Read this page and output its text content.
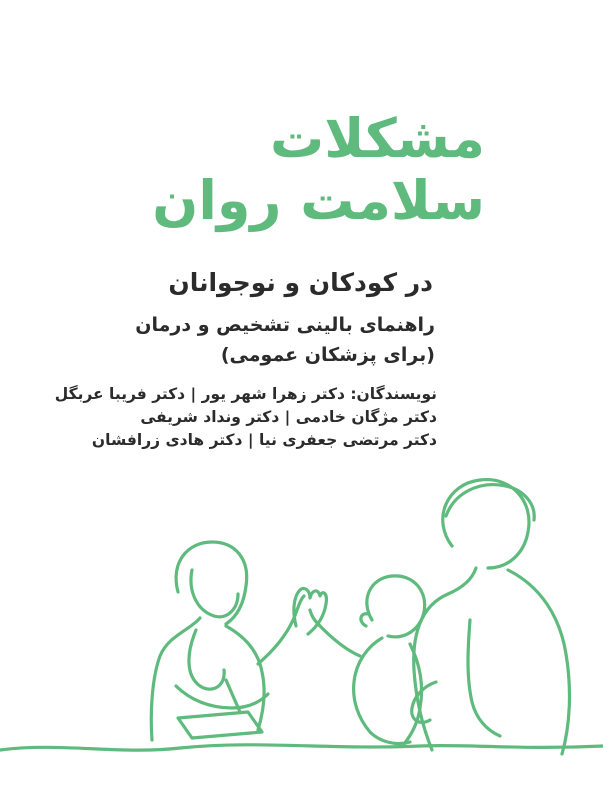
مشکلات
سلامت روان
در کودکان و نوجوانان
راهنمای بالینی تشخیص و درمان
(برای پزشکان عمومی)
نویسندگان: دکتر زهرا شهر یور | دکتر فریبا عربگل
دکتر مژگان خادمی | دکتر ونداد شریفی
دکتر مرتضی جعفری نیا | دکتر هادی زرافشان
